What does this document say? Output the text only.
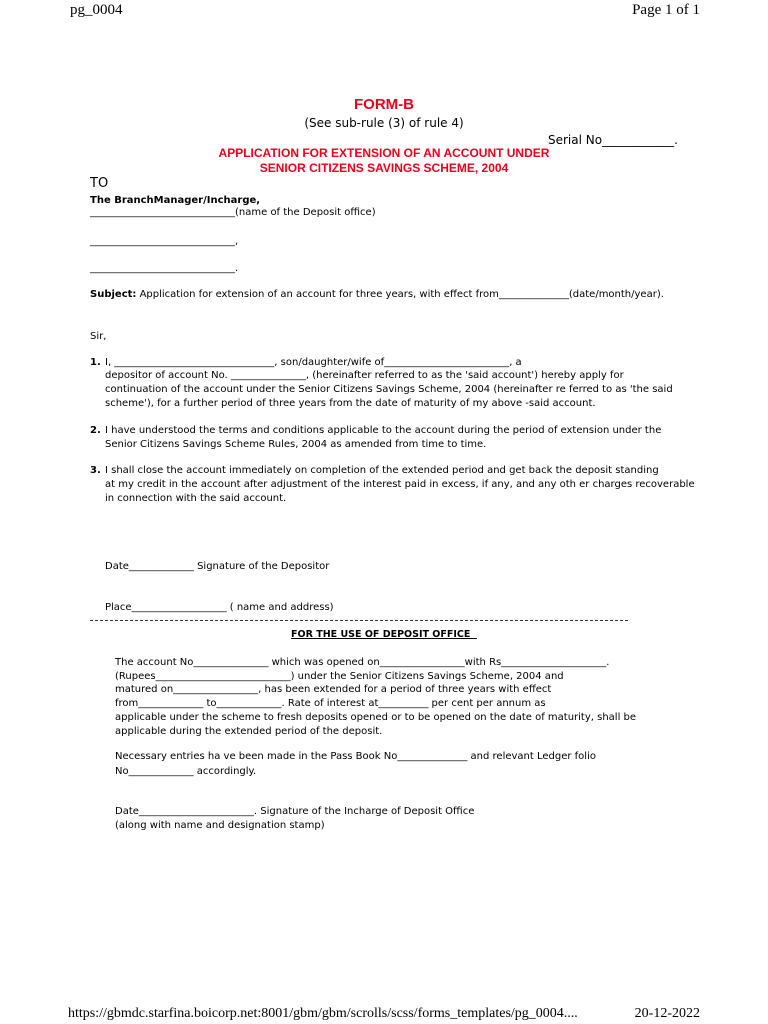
pg_0004	Page 1 of 1
FORM-B
(See sub-rule (3) of rule 4)
Serial No____________.
APPLICATION FOR EXTENSION OF AN ACCOUNT UNDER
SENIOR CITIZENS SAVINGS SCHEME, 2004
TO
The BranchManager/Incharge,
_____________________________(name of the Deposit office)
_____________________________,
_____________________________.
Subject: Application for extension of an account for three years, with effect from______________(date/month/year).
Sir,
1. I, ________________________________, son/daughter/wife of_________________________, a
depositor of account No. _______________, (hereinafter referred to as the 'said account') hereby apply for
continuation of the account under the Senior Citizens Savings Scheme, 2004 (hereinafter re ferred to as 'the said
scheme'), for a further period of three years from the date of maturity of my above -said account.
2. I have understood the terms and conditions applicable to the account during the period of extension under the
Senior Citizens Savings Scheme Rules, 2004 as amended from time to time.
3. I shall close the account immediately on completion of the extended period and get back the deposit standing
at my credit in the account after adjustment of the interest paid in excess, if any, and any oth er charges recoverable
in connection with the said account.
Date_____________ Signature of the Depositor
Place___________________ ( name and address)
FOR THE USE OF DEPOSIT OFFICE
The account No_______________ which was opened on_________________with Rs_____________________.
(Rupees___________________________) under the Senior Citizens Savings Scheme, 2004 and
matured on_________________, has been extended for a period of three years with effect
from_____________ to_____________. Rate of interest at__________ per cent per annum as
applicable under the scheme to fresh deposits opened or to be opened on the date of maturity, shall be
applicable during the extended period of the deposit.
Necessary entries ha ve been made in the Pass Book No______________ and relevant Ledger folio
No_____________ accordingly.
Date_______________________. Signature of the Incharge of Deposit Office
(along with name and designation stamp)
https://gbmdc.starfina.boicorp.net:8001/gbm/gbm/scrolls/scss/forms_templates/pg_0004....	20-12-2022
